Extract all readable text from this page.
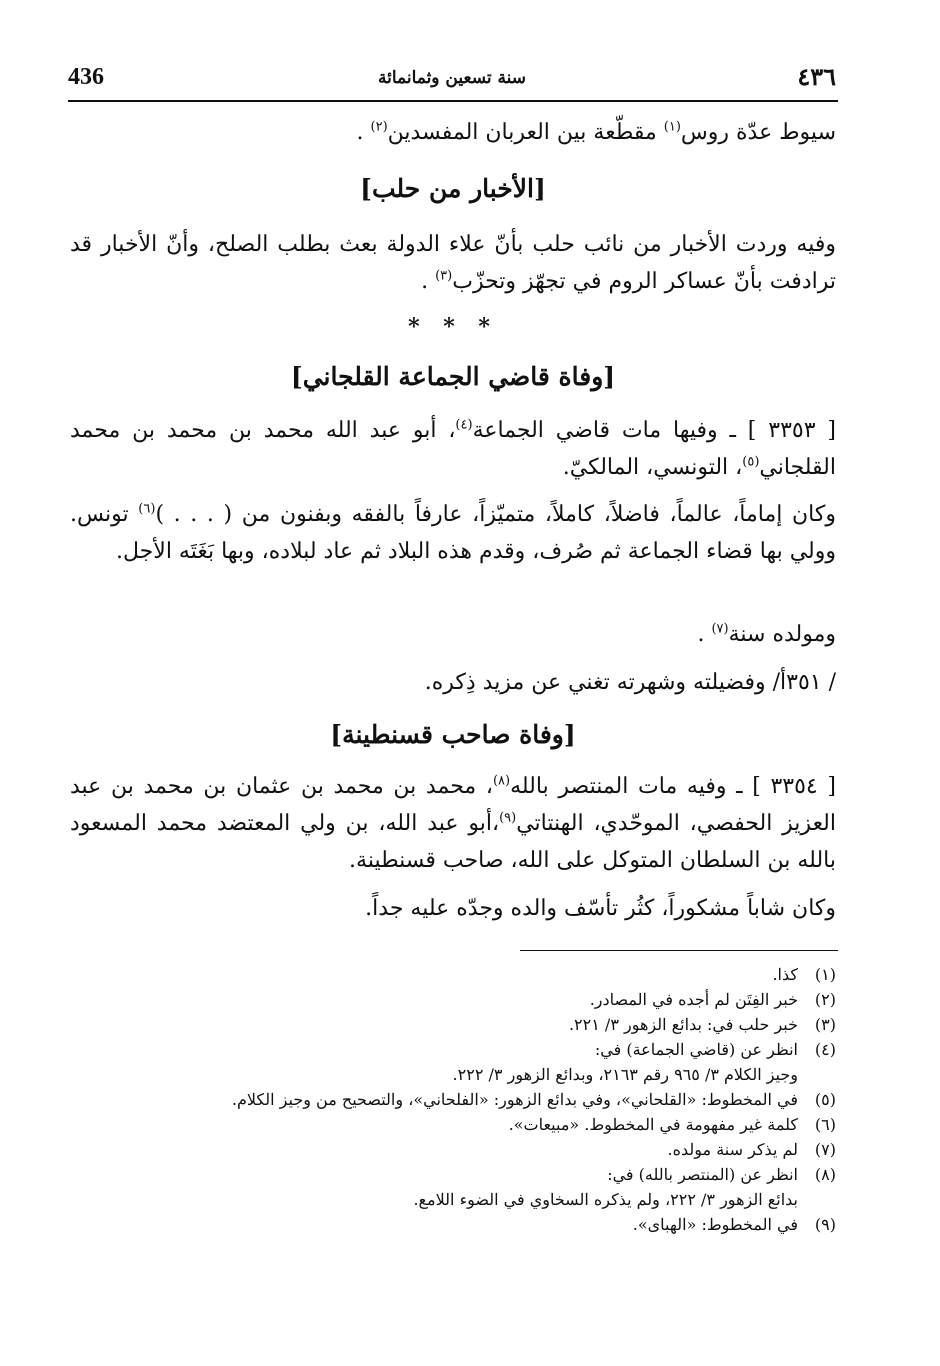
436	سنة تسعين وثمانمائة	٤٣٦

سيوط عدّة روس$^{(١)}$ مقطّعة بين العربان المفسدين$^{(٢)}$ .

[الأخبار من حلب]

وفيه وردت الأخبار من نائب حلب بأنّ علاء الدولة بعث بطلب الصلح، وأنّ الأخبار قد ترادفت بأنّ عساكر الروم في تجهّز وتحزّب$^{(٣)}$ .

* * *
[وفاة قاضي الجماعة القلجاني]

[ ٣٣٥٣ ] ـ وفيها مات قاضي الجماعة$^{(٤)}$، أبو عبد الله محمد بن محمد بن محمد القلجاني$^{(٥)}$، التونسي، المالكيّ.

وكان إماماً، عالماً، فاضلاً، كاملاً، متميّزاً، عارفاً بالفقه وبفنون من ( . . . )$^{(٦)}$ تونس. وولي بها قضاء الجماعة ثم صُرف، وقدم هذه البلاد ثم عاد لبلاده، وبها بَغَتَه الأجل.

ومولده سنة$^{(٧)}$ .

/ ٣٥١أ/ وفضيلته وشهرته تغني عن مزيد ذِكره.

[وفاة صاحب قسنطينة]

[ ٣٣٥٤ ] ـ وفيه مات المنتصر بالله$^{(٨)}$، محمد بن محمد بن عثمان بن محمد بن عبد العزيز الحفصي، الموحّدي، الهنتاتي$^{(٩)}$،أبو عبد الله، بن ولي المعتضد محمد المسعود بالله بن السلطان المتوكل على الله، صاحب قسنطينة.

وكان شاباً مشكوراً، كثُر تأسّف والده وجدّه عليه جداً.

(١)
كذا.
(٢)
خبر الفِتَن لم أجده في المصادر.
(٣)
خبر حلب في: بدائع الزهور ٣/ ٢٢١.
(٤)
انظر عن (قاضي الجماعة) في:
وجيز الكلام ٣/ ٩٦٥ رقم ٢١٦٣، وبدائع الزهور ٣/ ٢٢٢.
(٥)
في المخطوط: «القلحاني»، وفي بدائع الزهور: «الفلحاني»، والتصحيح من وجيز الكلام.
(٦)
كلمة غير مفهومة في المخطوط. «مبيعات».
(٧)
لم يذكر سنة مولده.
(٨)
انظر عن (المنتصر بالله) في:
بدائع الزهور ٣/ ٢٢٢، ولم يذكره السخاوي في الضوء اللامع.
(٩)
في المخطوط: «الهباى».
